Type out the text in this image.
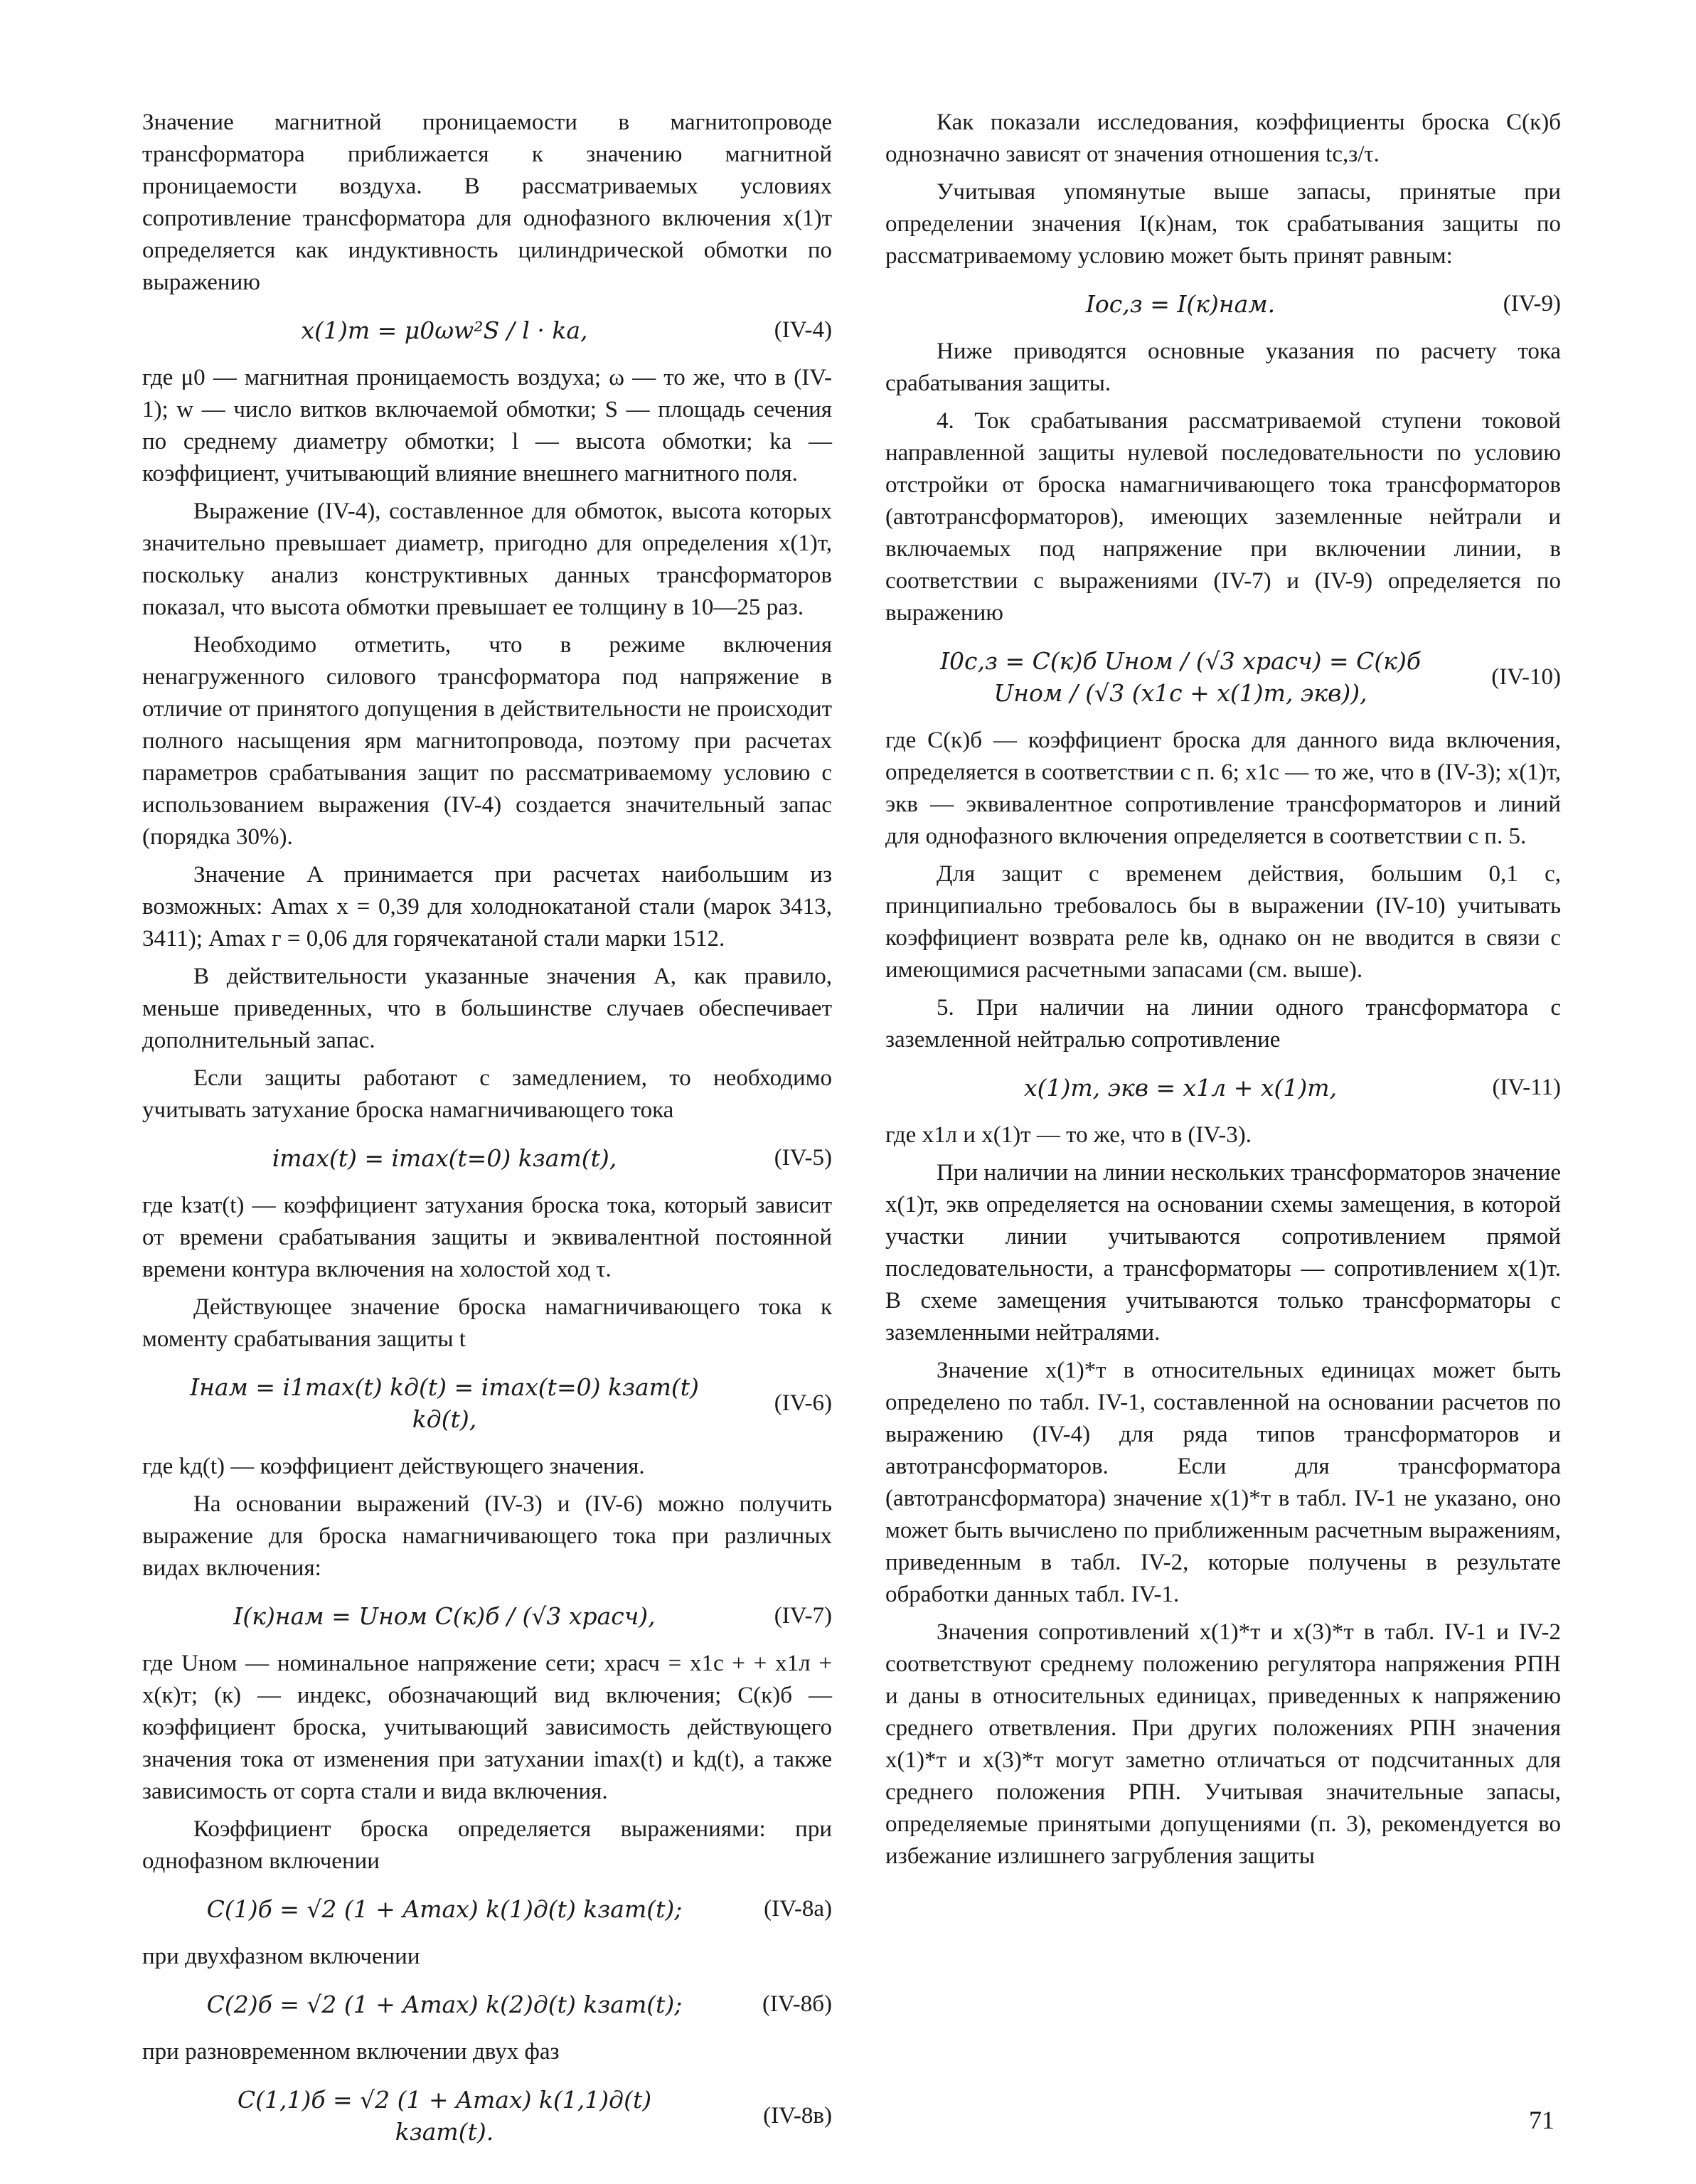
Значение магнитной проницаемости в магнитопроводе трансформатора приближается к значению магнитной проницаемости воздуха. В рассматриваемых условиях сопротивление трансформатора для однофазного включения x(1)т определяется как индуктивность цилиндрической обмотки по выражению

x(1)т = μ0ωw²S / l · ka,	(IV-4)

где μ0 — магнитная проницаемость воздуха; ω — то же, что в (IV-1); w — число витков включаемой обмотки; S — площадь сечения по среднему диаметру обмотки; l — высота обмотки; ka — коэффициент, учитывающий влияние внешнего магнитного поля.

Выражение (IV-4), составленное для обмоток, высота которых значительно превышает диаметр, пригодно для определения x(1)т, поскольку анализ конструктивных данных трансформаторов показал, что высота обмотки превышает ее толщину в 10—25 раз.

Необходимо отметить, что в режиме включения ненагруженного силового трансформатора под напряжение в отличие от принятого допущения в действительности не происходит полного насыщения ярм магнитопровода, поэтому при расчетах параметров срабатывания защит по рассматриваемому условию с использованием выражения (IV-4) создается значительный запас (порядка 30%).

Значение A принимается при расчетах наибольшим из возможных: Amax х = 0,39 для холоднокатаной стали (марок 3413, 3411); Amax г = 0,06 для горячекатаной стали марки 1512.

В действительности указанные значения A, как правило, меньше приведенных, что в большинстве случаев обеспечивает дополнительный запас.

Если защиты работают с замедлением, то необходимо учитывать затухание броска намагничивающего тока

imax(t) = imax(t=0) kзат(t),	(IV-5)

где kзат(t) — коэффициент затухания броска тока, который зависит от времени срабатывания защиты и эквивалентной постоянной времени контура включения на холостой ход τ.

Действующее значение броска намагничивающего тока к моменту срабатывания защиты t

Iнам = i1max(t) kд(t) = imax(t=0) kзат(t) kд(t),
(IV-6)

где kд(t) — коэффициент действующего значения.

На основании выражений (IV-3) и (IV-6) можно получить выражение для броска намагничивающего тока при различных видах включения:

I(к)нам = Uном C(к)б / (√3 xрасч),	(IV-7)

где Uном — номинальное напряжение сети; xрасч = x1с + + x1л + x(к)т; (к) — индекс, обозначающий вид включения; C(к)б — коэффициент броска, учитывающий зависимость действующего значения тока от изменения при затухании imax(t) и kд(t), а также зависимость от сорта стали и вида включения.

Коэффициент броска определяется выражениями: при однофазном включении

C(1)б = √2 (1 + Amax) k(1)д(t) kзат(t);	(IV-8а)

при двухфазном включении

C(2)б = √2 (1 + Amax) k(2)д(t) kзат(t);	(IV-8б)

при разновременном включении двух фаз

C(1,1)б = √2 (1 + Amax) k(1,1)д(t) kзат(t).
(IV-8в)

Как показали исследования, коэффициенты броска C(к)б однозначно зависят от значения отношения tс,з/τ.

Учитывая упомянутые выше запасы, принятые при определении значения I(к)нам, ток срабатывания защиты по рассматриваемому условию может быть принят равным:

Iос,з = I(к)нам.	(IV-9)

Ниже приводятся основные указания по расчету тока срабатывания защиты.

4. Ток срабатывания рассматриваемой ступени токовой направленной защиты нулевой последовательности по условию отстройки от броска намагничивающего тока трансформаторов (автотрансформаторов), имеющих заземленные нейтрали и включаемых под напряжение при включении линии, в соответствии с выражениями (IV-7) и (IV-9) определяется по выражению

I0с,з = C(к)б Uном / (√3 xрасч) = C(к)б Uном / (√3 (x1с + x(1)т, экв)),
(IV-10)

где C(к)б — коэффициент броска для данного вида включения, определяется в соответствии с п. 6; x1с — то же, что в (IV-3); x(1)т, экв — эквивалентное сопротивление трансформаторов и линий для однофазного включения определяется в соответствии с п. 5.

Для защит с временем действия, большим 0,1 с, принципиально требовалось бы в выражении (IV-10) учитывать коэффициент возврата реле kв, однако он не вводится в связи с имеющимися расчетными запасами (см. выше).

5. При наличии на линии одного трансформатора с заземленной нейтралью сопротивление

x(1)т, экв = x1л + x(1)т,	(IV-11)

где x1л и x(1)т — то же, что в (IV-3).

При наличии на линии нескольких трансформаторов значение x(1)т, экв определяется на основании схемы замещения, в которой участки линии учитываются сопротивлением прямой последовательности, а трансформаторы — сопротивлением x(1)т. В схеме замещения учитываются только трансформаторы с заземленными нейтралями.

Значение x(1)*т в относительных единицах может быть определено по табл. IV-1, составленной на основании расчетов по выражению (IV-4) для ряда типов трансформаторов и автотрансформаторов. Если для трансформатора (автотрансформатора) значение x(1)*т в табл. IV-1 не указано, оно может быть вычислено по приближенным расчетным выражениям, приведенным в табл. IV-2, которые получены в результате обработки данных табл. IV-1.

Значения сопротивлений x(1)*т и x(3)*т в табл. IV-1 и IV-2 соответствуют среднему положению регулятора напряжения РПН и даны в относительных единицах, приведенных к напряжению среднего ответвления. При других положениях РПН значения x(1)*т и x(3)*т могут заметно отличаться от подсчитанных для среднего положения РПН. Учитывая значительные запасы, определяемые принятыми допущениями (п. 3), рекомендуется во избежание излишнего загрубления защиты

71
